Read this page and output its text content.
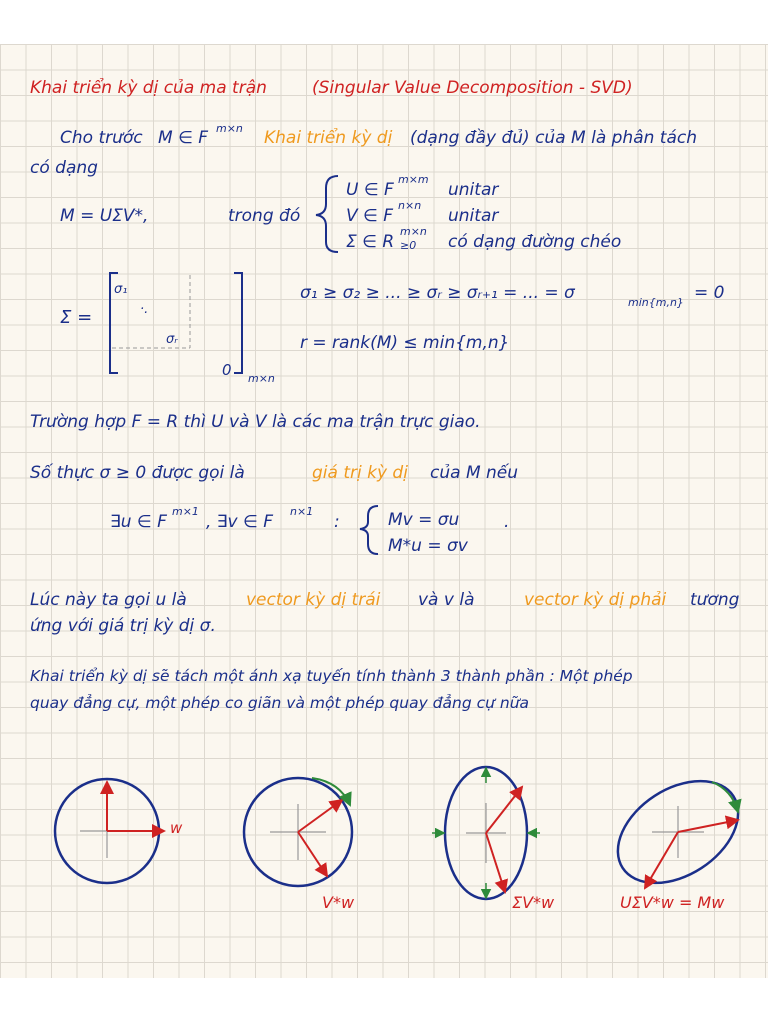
Khai triển kỳ dị của ma trận	(Singular Value Decomposition - SVD)
Cho trước M ∈ F m×n Khai triển kỳ dị (dạng đầy đủ) của M là phân tách
có dạng
M = UΣV*,	trong đó
U ∈ F
m×m
unitar
V ∈ F
n×n
unitar
Σ ∈ R
m×n
≥0 có dạng đường chéo
Σ =
σ₁
·.
σᵣ
0 m×n
σ₁ ≥ σ₂ ≥ ... ≥ σᵣ ≥ σᵣ₊₁ = ... = σ	min{m,n} = 0
r = rank(M) ≤ min{m,n}
Trường hợp F = R thì U và V là các ma trận trực giao.
Số thực σ ≥ 0 được gọi là	giá trị kỳ dị của M nếu
∃u ∈ F
m×1
, ∃v ∈ F
n×1
:	Mv = σu
M*u = σv
.
Lúc này ta gọi u là	vector kỳ dị trái và v là	vector kỳ dị phải tương
ứng với giá trị kỳ dị σ.
Khai triển kỳ dị sẽ tách một ánh xạ tuyến tính thành 3 thành phần : Một phép
quay đẳng cự, một phép co giãn và một phép quay đẳng cự nữa
w
V*w	ΣV*w	UΣV*w = Mw
